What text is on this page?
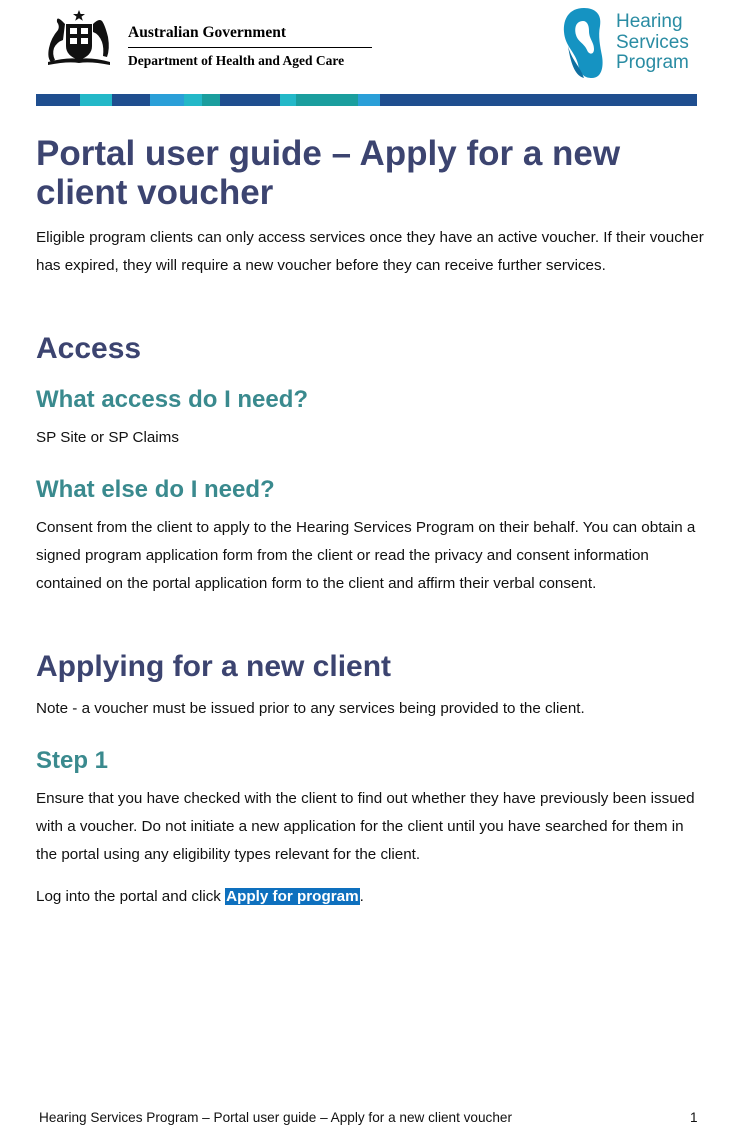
Australian Government
Department of Health and Aged Care
Hearing
Services
Program
Portal user guide – Apply for a new client voucher

Eligible program clients can only access services once they have an active voucher. If their voucher has expired, they will require a new voucher before they can receive further services.

Access
What access do I need?

SP Site or SP Claims

What else do I need?

Consent from the client to apply to the Hearing Services Program on their behalf. You can obtain a signed program application form from the client or read the privacy and consent information contained on the portal application form to the client and affirm their verbal consent.

Applying for a new client

Note - a voucher must be issued prior to any services being provided to the client.

Step 1

Ensure that you have checked with the client to find out whether they have previously been issued with a voucher. Do not initiate a new application for the client until you have searched for them in the portal using any eligibility types relevant for the client.

Log into the portal and click Apply for program.

Hearing Services Program – Portal user guide – Apply for a new client voucher	1
